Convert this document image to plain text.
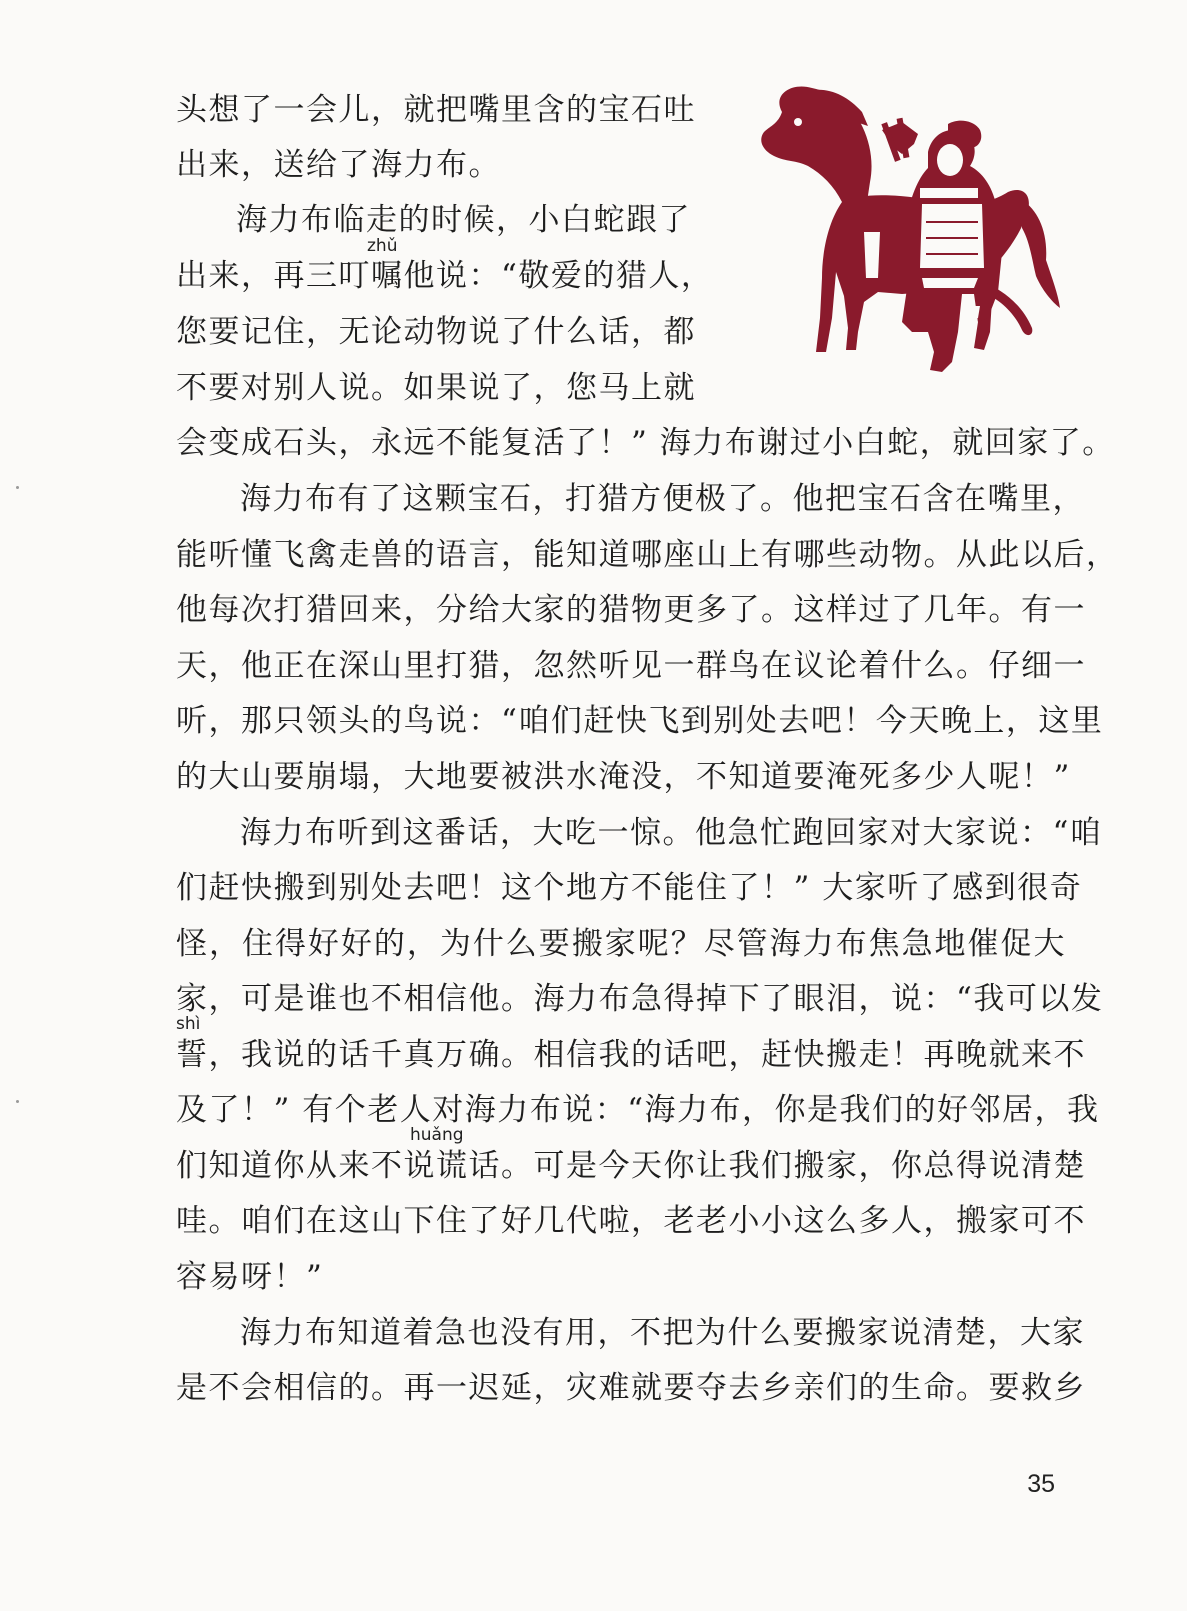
zhǔ
shì
huǎng
头想了一会儿，就把嘴里含的宝石吐
出来，送给了海力布。
海力布临走的时候，小白蛇跟了
出来，再三叮嘱他说：“敬爱的猎人，
您要记住，无论动物说了什么话，都
不要对别人说。如果说了，您马上就
会变成石头，永远不能复活了！” 海力布谢过小白蛇，就回家了。
海力布有了这颗宝石，打猎方便极了。他把宝石含在嘴里，
能听懂飞禽走兽的语言，能知道哪座山上有哪些动物。从此以后，
他每次打猎回来，分给大家的猎物更多了。这样过了几年。有一
天，他正在深山里打猎，忽然听见一群鸟在议论着什么。仔细一
听，那只领头的鸟说：“咱们赶快飞到别处去吧！今天晚上，这里
的大山要崩塌，大地要被洪水淹没，不知道要淹死多少人呢！”
海力布听到这番话，大吃一惊。他急忙跑回家对大家说：“咱
们赶快搬到别处去吧！这个地方不能住了！” 大家听了感到很奇
怪，住得好好的，为什么要搬家呢？尽管海力布焦急地催促大
家，可是谁也不相信他。海力布急得掉下了眼泪，说：“我可以发
誓，我说的话千真万确。相信我的话吧，赶快搬走！再晚就来不
及了！” 有个老人对海力布说：“海力布，你是我们的好邻居，我
们知道你从来不说谎话。可是今天你让我们搬家，你总得说清楚
哇。咱们在这山下住了好几代啦，老老小小这么多人，搬家可不
容易呀！”
海力布知道着急也没有用，不把为什么要搬家说清楚，大家
是不会相信的。再一迟延，灾难就要夺去乡亲们的生命。要救乡
35
